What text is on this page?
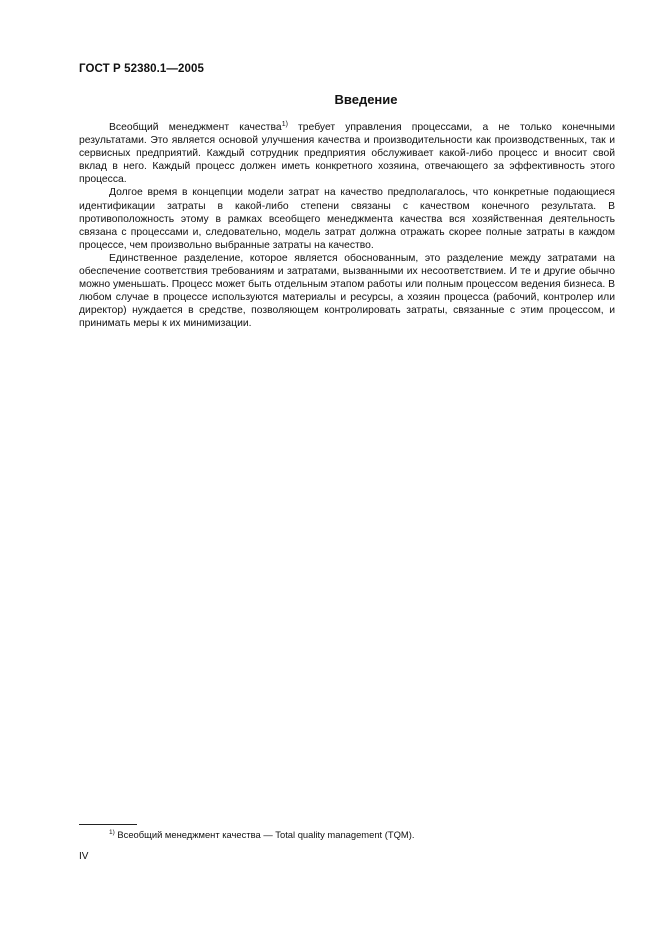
ГОСТ Р 52380.1—2005
Введение

Всеобщий менеджмент качества$^{1)}$ требует управления процессами, а не только конечными результатами. Это является основой улучшения качества и производительности как производственных, так и сервисных предприятий. Каждый сотрудник предприятия обслуживает какой-либо процесс и вносит свой вклад в него. Каждый процесс должен иметь конкретного хозяина, отвечающего за эффективность этого процесса.

Долгое время в концепции модели затрат на качество предполагалось, что конкретные подающиеся идентификации затраты в какой-либо степени связаны с качеством конечного результата. В противоположность этому в рамках всеобщего менеджмента качества вся хозяйственная деятельность связана с процессами и, следовательно, модель затрат должна отражать скорее полные затраты в каждом процессе, чем произвольно выбранные затраты на качество.

Единственное разделение, которое является обоснованным, это разделение между затратами на обеспечение соответствия требованиям и затратами, вызванными их несоответствием. И те и другие обычно можно уменьшать. Процесс может быть отдельным этапом работы или полным процессом ведения бизнеса. В любом случае в процессе используются материалы и ресурсы, а хозяин процесса (рабочий, контролер или директор) нуждается в средстве, позволяющем контролировать затраты, связанные с этим процессом, и принимать меры к их минимизации.

$^{1)}$ Всеобщий менеджмент качества — Total quality management (TQM).
IV
